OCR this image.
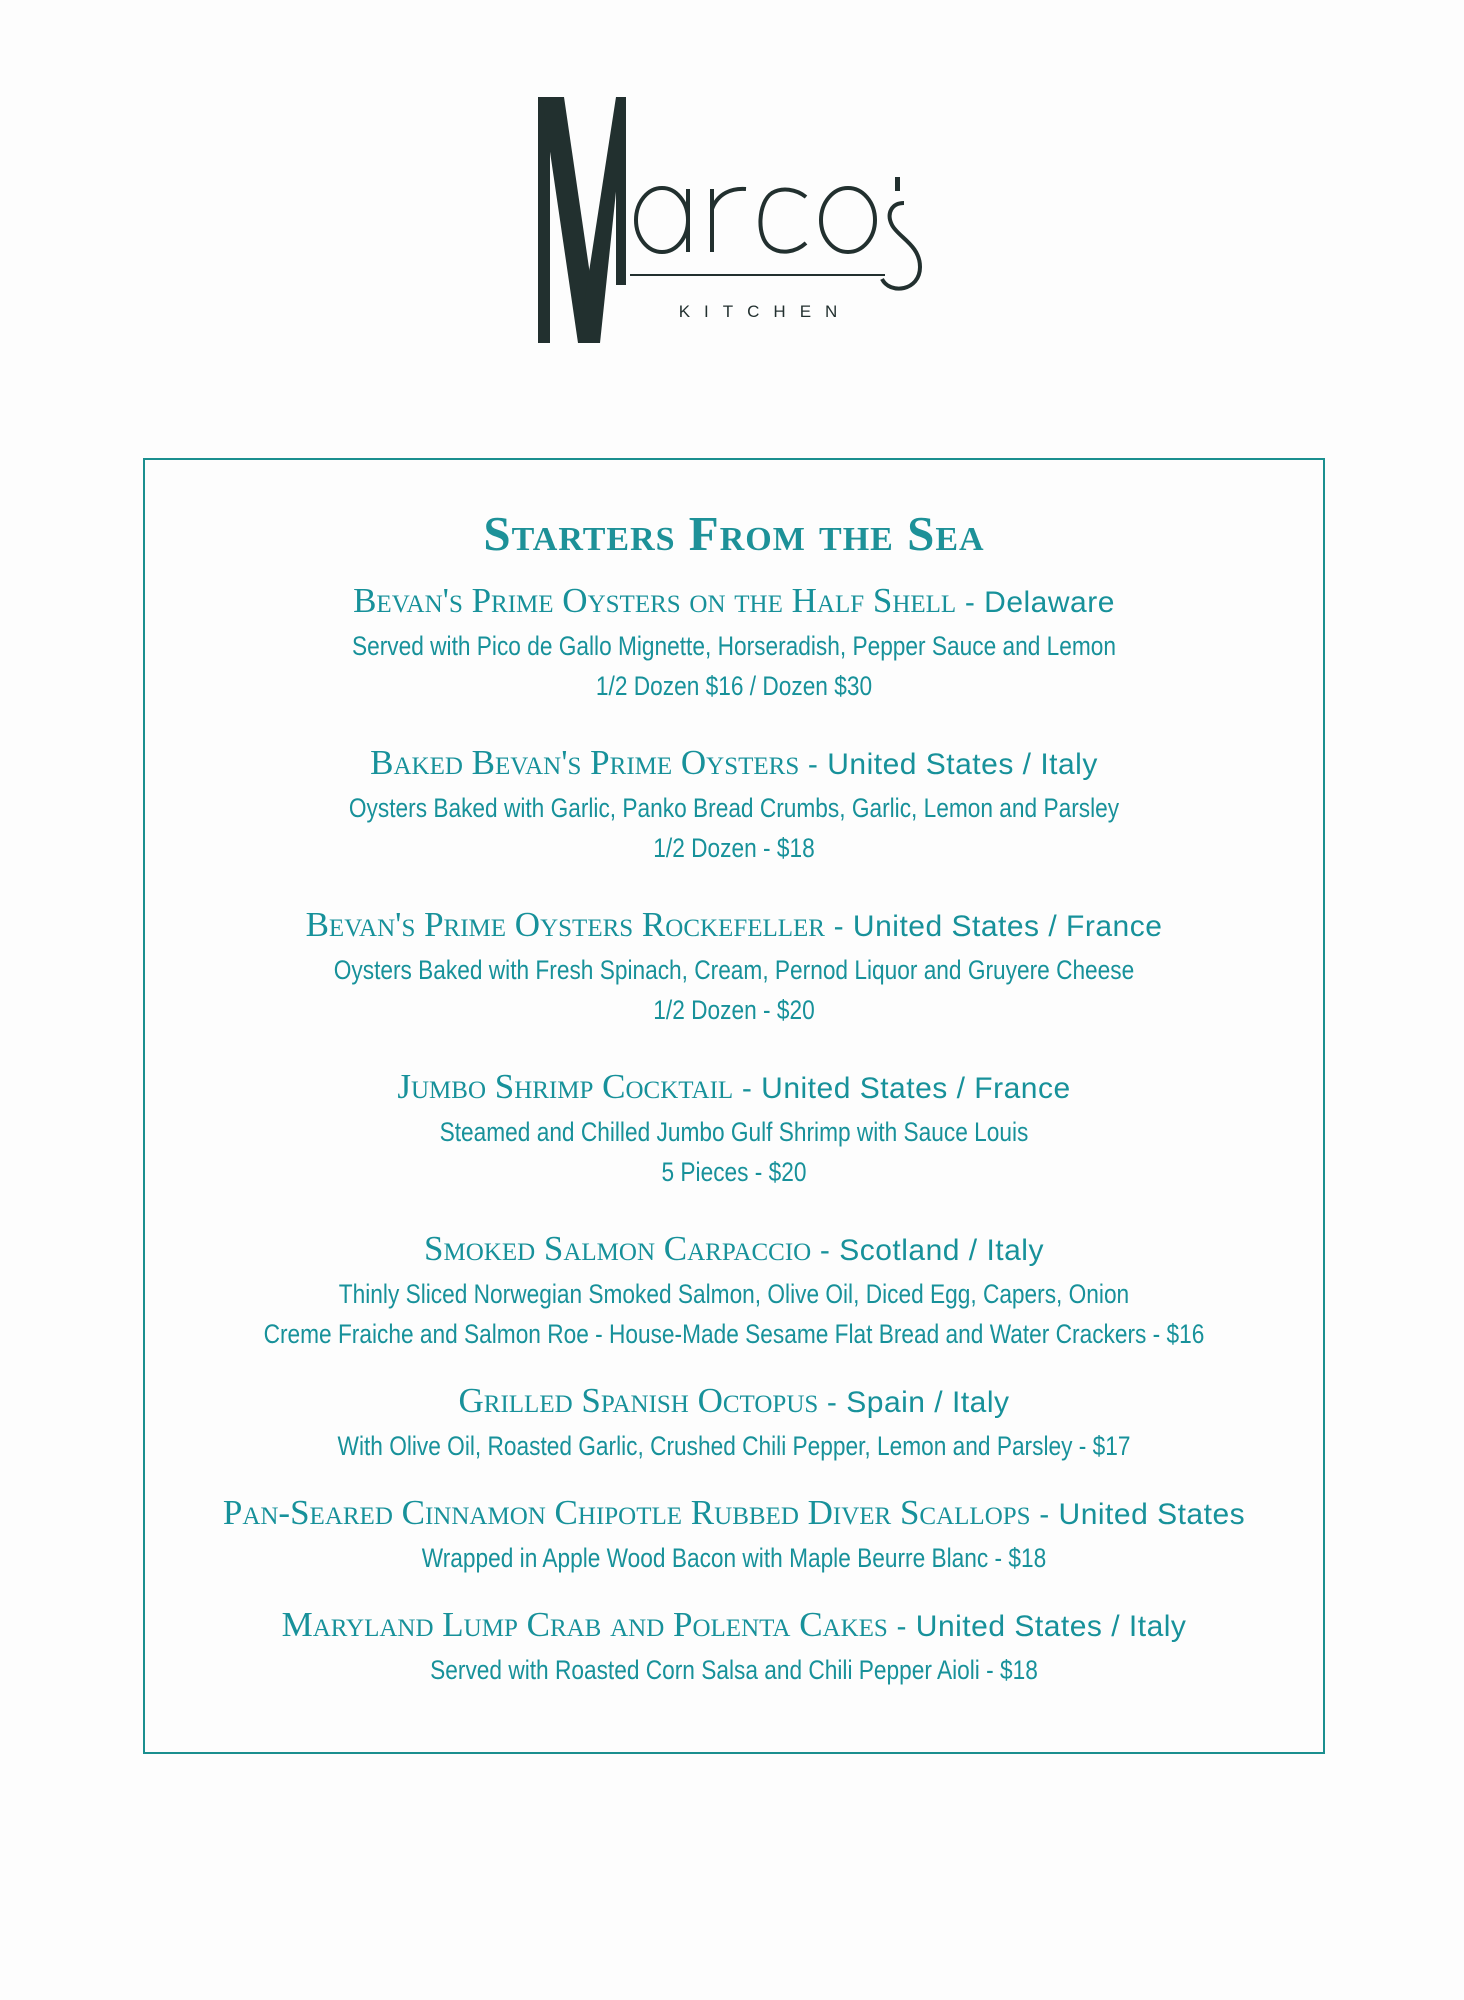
KITCHEN
Starters From the Sea
Bevan's Prime Oysters on the Half Shell - Delaware
Served with Pico de Gallo Mignette, Horseradish, Pepper Sauce and Lemon
1/2 Dozen $16 / Dozen $30
Baked Bevan's Prime Oysters - United States / Italy
Oysters Baked with Garlic, Panko Bread Crumbs, Garlic, Lemon and Parsley
1/2 Dozen - $18
Bevan's Prime Oysters Rockefeller - United States / France
Oysters Baked with Fresh Spinach, Cream, Pernod Liquor and Gruyere Cheese
1/2 Dozen - $20
Jumbo Shrimp Cocktail - United States / France
Steamed and Chilled Jumbo Gulf Shrimp with Sauce Louis
5 Pieces - $20
Smoked Salmon Carpaccio - Scotland / Italy
Thinly Sliced Norwegian Smoked Salmon, Olive Oil, Diced Egg, Capers, Onion
Creme Fraiche and Salmon Roe - House-Made Sesame Flat Bread and Water Crackers - $16
Grilled Spanish Octopus - Spain / Italy
With Olive Oil, Roasted Garlic, Crushed Chili Pepper, Lemon and Parsley - $17
Pan-Seared Cinnamon Chipotle Rubbed Diver Scallops - United States
Wrapped in Apple Wood Bacon with Maple Beurre Blanc - $18
Maryland Lump Crab and Polenta Cakes - United States / Italy
Served with Roasted Corn Salsa and Chili Pepper Aioli - $18
